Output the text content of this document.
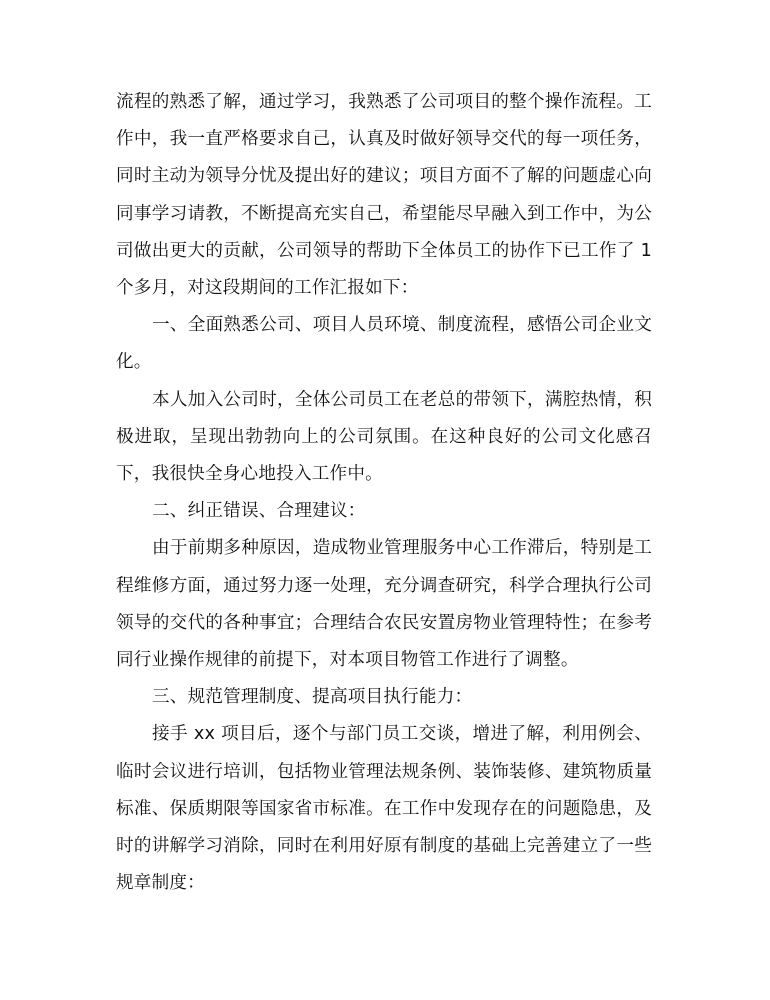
流程的熟悉了解，通过学习，我熟悉了公司项目的整个操作流程。工作中，我一直严格要求自己，认真及时做好领导交代的每一项任务，同时主动为领导分忧及提出好的建议；项目方面不了解的问题虚心向同事学习请教，不断提高充实自己，希望能尽早融入到工作中，为公司做出更大的贡献，公司领导的帮助下全体员工的协作下已工作了 1 个多月，对这段期间的工作汇报如下：

一、全面熟悉公司、项目人员环境、制度流程，感悟公司企业文化。

本人加入公司时，全体公司员工在老总的带领下，满腔热情，积极进取，呈现出勃勃向上的公司氛围。在这种良好的公司文化感召下，我很快全身心地投入工作中。

二、纠正错误、合理建议：

由于前期多种原因，造成物业管理服务中心工作滞后，特别是工程维修方面，通过努力逐一处理，充分调查研究，科学合理执行公司领导的交代的各种事宜；合理结合农民安置房物业管理特性；在参考同行业操作规律的前提下，对本项目物管工作进行了调整。

三、规范管理制度、提高项目执行能力：

接手 xx 项目后，逐个与部门员工交谈，增进了解，利用例会、临时会议进行培训，包括物业管理法规条例、装饰装修、建筑物质量标准、保质期限等国家省市标准。在工作中发现存在的问题隐患，及时的讲解学习消除，同时在利用好原有制度的基础上完善建立了一些规章制度：
